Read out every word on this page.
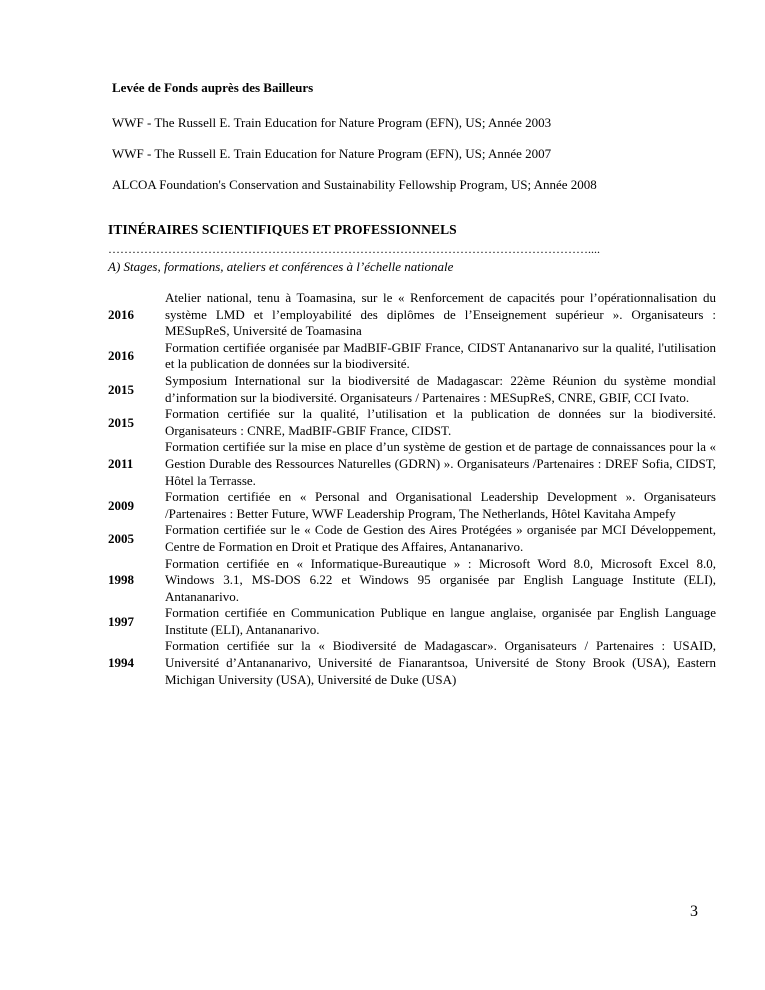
Levée de Fonds auprès des Bailleurs
WWF - The Russell E. Train Education for Nature Program (EFN), US; Année 2003
WWF - The Russell E. Train Education for Nature Program (EFN), US; Année 2007
ALCOA Foundation's Conservation and Sustainability Fellowship Program, US; Année 2008
ITINÉRAIRES SCIENTIFIQUES ET PROFESSIONNELS
…………………………………………………………………………………………………………....
A) Stages, formations, ateliers et conférences à l’échelle nationale
2016	Atelier national, tenu à Toamasina, sur le « Renforcement de capacités pour l’opérationnalisation du système LMD et l’employabilité des diplômes de l’Enseignement supérieur ». Organisateurs : MESupReS, Université de Toamasina
2016	Formation certifiée organisée par MadBIF-GBIF France, CIDST Antananarivo sur la qualité, l'utilisation et la publication de données sur la biodiversité.
2015	Symposium International sur la biodiversité de Madagascar: 22ème Réunion du système mondial d’information sur la biodiversité. Organisateurs / Partenaires : MESupReS, CNRE, GBIF, CCI Ivato.
2015	Formation certifiée sur la qualité, l’utilisation et la publication de données sur la biodiversité. Organisateurs : CNRE, MadBIF-GBIF France, CIDST.
2011	Formation certifiée sur la mise en place d’un système de gestion et de partage de connaissances pour la « Gestion Durable des Ressources Naturelles (GDRN) ». Organisateurs /Partenaires : DREF Sofia, CIDST, Hôtel la Terrasse.
2009	Formation certifiée en « Personal and Organisational Leadership Development ». Organisateurs /Partenaires : Better Future, WWF Leadership Program, The Netherlands, Hôtel Kavitaha Ampefy
2005	Formation certifiée sur le « Code de Gestion des Aires Protégées » organisée par MCI Développement, Centre de Formation en Droit et Pratique des Affaires, Antananarivo.
1998	Formation certifiée en « Informatique-Bureautique » : Microsoft Word 8.0, Microsoft Excel 8.0, Windows 3.1, MS-DOS 6.22 et Windows 95 organisée par English Language Institute (ELI), Antananarivo.
1997	Formation certifiée en Communication Publique en langue anglaise, organisée par English Language Institute (ELI), Antananarivo.
1994	Formation certifiée sur la « Biodiversité de Madagascar». Organisateurs / Partenaires : USAID, Université d’Antananarivo, Université de Fianarantsoa, Université de Stony Brook (USA), Eastern Michigan University (USA), Université de Duke (USA)
3
